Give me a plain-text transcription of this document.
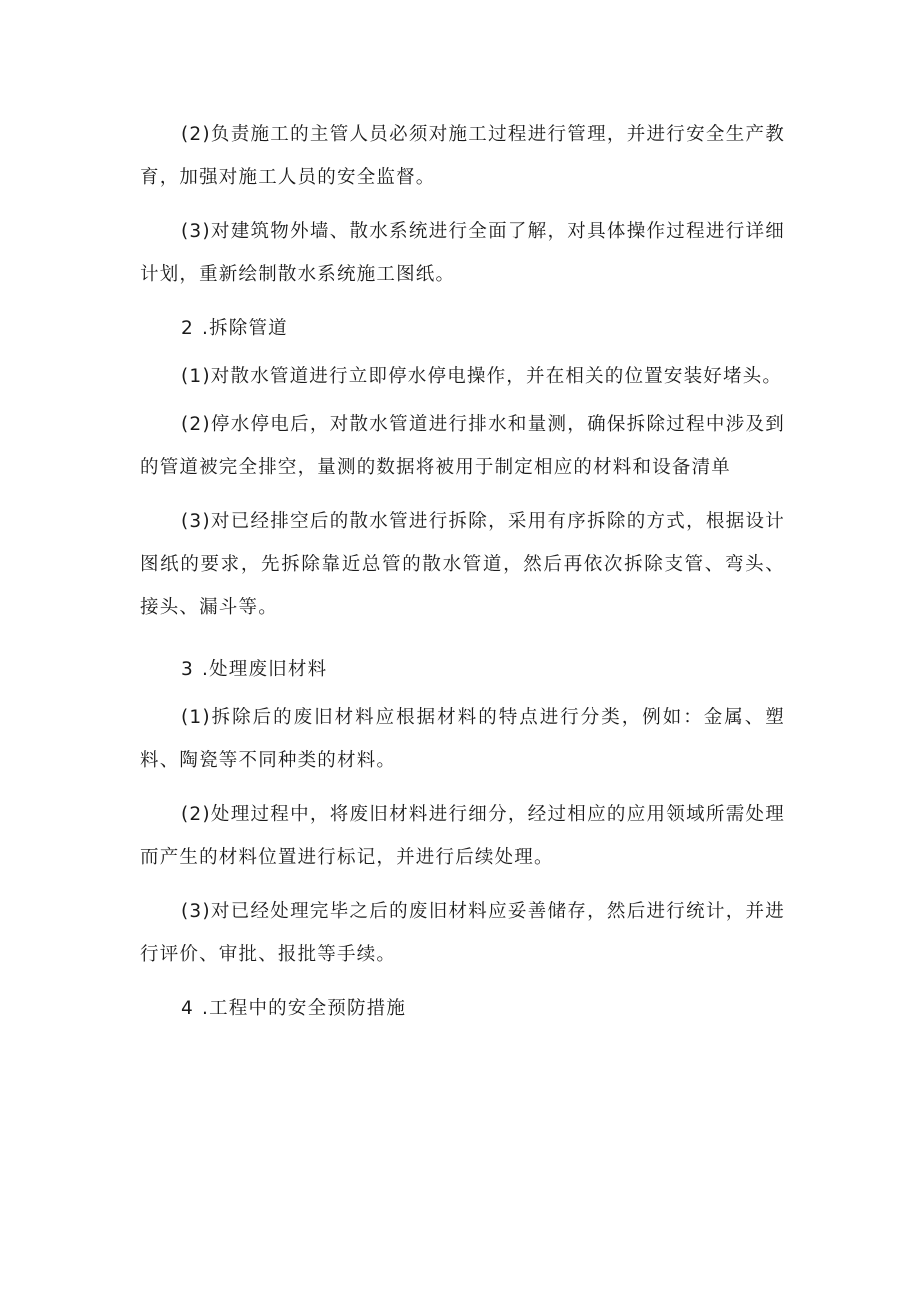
(2)负责施工的主管人员必须对施工过程进行管理，并进行安全生产教育，加强对施工人员的安全监督。

(3)对建筑物外墙、散水系统进行全面了解，对具体操作过程进行详细计划，重新绘制散水系统施工图纸。

2 .拆除管道

(1)对散水管道进行立即停水停电操作，并在相关的位置安装好堵头。

(2)停水停电后，对散水管道进行排水和量测，确保拆除过程中涉及到的管道被完全排空，量测的数据将被用于制定相应的材料和设备清单

(3)对已经排空后的散水管进行拆除，采用有序拆除的方式，根据设计图纸的要求，先拆除靠近总管的散水管道，然后再依次拆除支管、弯头、接头、漏斗等。

3 .处理废旧材料

(1)拆除后的废旧材料应根据材料的特点进行分类，例如：金属、塑料、陶瓷等不同种类的材料。

(2)处理过程中，将废旧材料进行细分，经过相应的应用领域所需处理而产生的材料位置进行标记，并进行后续处理。

(3)对已经处理完毕之后的废旧材料应妥善储存，然后进行统计，并进行评价、审批、报批等手续。

4 .工程中的安全预防措施
